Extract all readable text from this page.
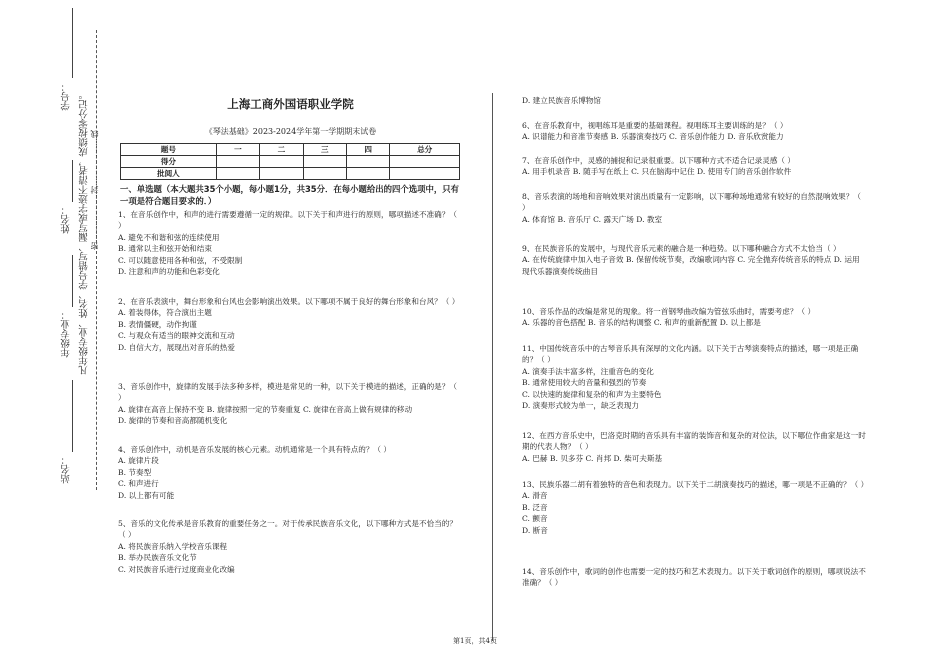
学号：
姓名：
年级专业：
站名：
凡年级专业、姓名、学号错写、漏写或字迹不清者，成绩按零分记。 密………………封………………线
上海工商外国语职业学院
《琴法基础》2023-2024学年第一学期期末试卷
题号	一	二	三	四	总分
得分					
批阅人					
一、单选题（本大题共35个小题，每小题1分，共35分．在每小题给出的四个选项中，只有一项是符合题目要求的．）

1、在音乐创作中，和声的进行需要遵循一定的规律。以下关于和声进行的原则，哪项描述不准确？（ ）

A. 避免不和谐和弦的连续使用

B. 通常以主和弦开始和结束

C. 可以随意使用各种和弦，不受限制

D. 注意和声的功能和色彩变化

2、在音乐表演中，舞台形象和台风也会影响演出效果。以下哪项不属于良好的舞台形象和台风？（ ）

A. 着装得体，符合演出主题

B. 表情僵硬，动作拘谨

C. 与观众有适当的眼神交流和互动

D. 自信大方，展现出对音乐的热爱

3、音乐创作中，旋律的发展手法多种多样，模进是常见的一种，以下关于模进的描述，正确的是？（ ）

A. 旋律在高音上保持不变 B. 旋律按照一定的节奏重复 C. 旋律在音高上做有规律的移动

D. 旋律的节奏和音高都随机变化

4、音乐创作中，动机是音乐发展的核心元素。动机通常是一个具有特点的？（ ）

A. 旋律片段

B. 节奏型

C. 和声进行

D. 以上都有可能

5、音乐的文化传承是音乐教育的重要任务之一。对于传承民族音乐文化，以下哪种方式是不恰当的？（ ）

A. 将民族音乐纳入学校音乐课程

B. 举办民族音乐文化节

C. 对民族音乐进行过度商业化改编

D. 建立民族音乐博物馆

6、在音乐教育中，视唱练耳是重要的基础课程。视唱练耳主要训练的是？（ ）

A. 识谱能力和音准节奏感 B. 乐器演奏技巧 C. 音乐创作能力 D. 音乐欣赏能力

7、在音乐创作中，灵感的捕捉和记录很重要。以下哪种方式不适合记录灵感（ ）

A. 用手机录音 B. 随手写在纸上 C. 只在脑海中记住 D. 使用专门的音乐创作软件

8、音乐表演的场地和音响效果对演出质量有一定影响，以下哪种场地通常有较好的自然混响效果？（ ）

A. 体育馆 B. 音乐厅 C. 露天广场 D. 教室

9、在民族音乐的发展中，与现代音乐元素的融合是一种趋势。以下哪种融合方式不太恰当（ ）

A. 在传统旋律中加入电子音效 B. 保留传统节奏，改编歌词内容 C. 完全抛弃传统音乐的特点 D. 运用现代乐器演奏传统曲目

10、音乐作品的改编是常见的现象。将一首钢琴曲改编为管弦乐曲时，需要考虑？（ ）

A. 乐器的音色搭配 B. 音乐的结构调整 C. 和声的重新配置 D. 以上都是

11、中国传统音乐中的古琴音乐具有深厚的文化内涵。以下关于古琴演奏特点的描述，哪一项是正确的？（ ）

A. 演奏手法丰富多样，注重音色的变化

B. 通常使用较大的音量和强烈的节奏

C. 以快速的旋律和复杂的和声为主要特色

D. 演奏形式较为单一，缺乏表现力

12、在西方音乐史中，巴洛克时期的音乐具有丰富的装饰音和复杂的对位法，以下哪位作曲家是这一时期的代表人物？（ ）

A. 巴赫 B. 贝多芬 C. 肖邦 D. 柴可夫斯基

13、民族乐器二胡有着独特的音色和表现力。以下关于二胡演奏技巧的描述，哪一项是不正确的？（ ）

A. 滑音

B. 泛音

C. 颤音

D. 断音

14、音乐创作中，歌词的创作也需要一定的技巧和艺术表现力。以下关于歌词创作的原则，哪项说法不准确？（ ）

第1页，共4页
